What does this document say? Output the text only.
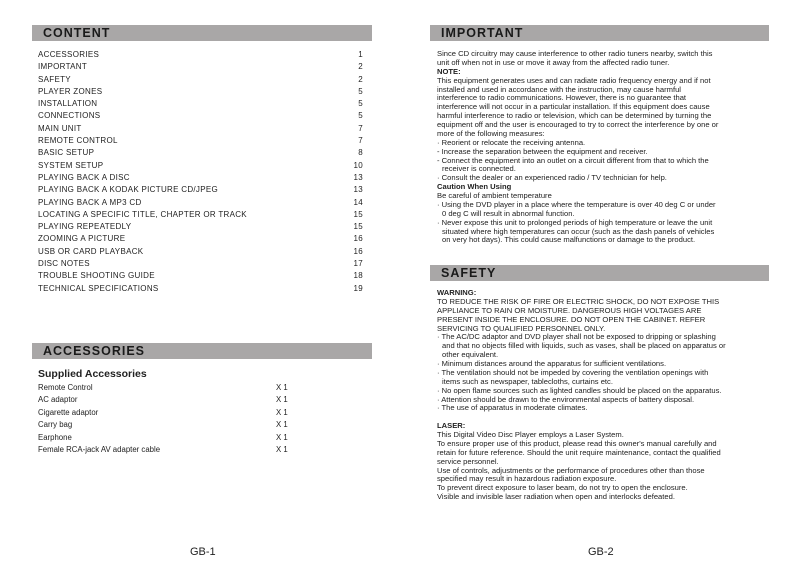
CONTENT
ACCESSORIES	1
IMPORTANT	2
SAFETY	2
PLAYER ZONES	5
INSTALLATION	5
CONNECTIONS	5
MAIN UNIT	7
REMOTE CONTROL	7
BASIC SETUP	8
SYSTEM SETUP	10
PLAYING BACK A DISC	13
PLAYING BACK A KODAK PICTURE CD/JPEG	13
PLAYING BACK A MP3 CD	14
LOCATING A SPECIFIC TITLE, CHAPTER OR TRACK	15
PLAYING REPEATEDLY	15
ZOOMING A PICTURE	16
USB OR CARD PLAYBACK	16
DISC NOTES	17
TROUBLE SHOOTING GUIDE	18
TECHNICAL SPECIFICATIONS	19
ACCESSORIES
Supplied Accessories
Remote Control	X 1
AC adaptor	X 1
Cigarette adaptor	X 1
Carry bag	X 1
Earphone	X 1
Female RCA-jack AV adapter cable	X 1
GB-1
IMPORTANT
Since CD circuitry may cause interference to other radio tuners nearby, switch this
unit off when not in use or move it away from the affected radio tuner.
NOTE:
This equipment generates uses and can radiate radio frequency energy and if not
installed and used in accordance with the instruction, may cause harmful
interference to radio communications. However, there is no guarantee that
interference will not occur in a particular installation. If this equipment does cause
harmful interference to radio or television, which can be determined by turning the
equipment off and the user is encouraged to try to correct the interference by one or
more of the following measures:
· Reorient or relocate the receiving antenna.
- Increase the separation between the equipment and receiver.
- Connect the equipment into an outlet on a circuit different from that to which the
receiver is connected.
· Consult the dealer or an experienced radio / TV technician for help.
Caution When Using
Be careful of ambient temperature
· Using the DVD player in a place where the temperature is over 40 deg C or under
0 deg C will result in abnormal function.
· Never expose this unit to prolonged periods of high temperature or leave the unit
situated where high temperatures can occur (such as the dash panels of vehicles
on very hot days). This could cause malfunctions or damage to the product.
SAFETY
WARNING:
TO REDUCE THE RISK OF FIRE OR ELECTRIC SHOCK, DO NOT EXPOSE THIS
APPLIANCE TO RAIN OR MOISTURE. DANGEROUS HIGH VOLTAGES ARE
PRESENT INSIDE THE ENCLOSURE. DO NOT OPEN THE CABINET. REFER
SERVICING TO QUALIFIED PERSONNEL ONLY.
· The AC/DC adaptor and DVD player shall not be exposed to dripping or splashing
and that no objects filled with liquids, such as vases, shall be placed on apparatus or
other equivalent.
· Minimum distances around the apparatus for sufficient ventilations.
· The ventilation should not be impeded by covering the ventilation openings with
items such as newspaper, tablecloths, curtains etc.
· No open flame sources such as lighted candles should be placed on the apparatus.
· Attention should be drawn to the environmental aspects of battery disposal.
· The use of apparatus in moderate climates.
LASER:
This Digital Video Disc Player employs a Laser System.
To ensure proper use of this product, please read this owner's manual carefully and
retain for future reference. Should the unit require maintenance, contact the qualified
service personnel.
Use of controls, adjustments or the performance of procedures other than those
specified may result in hazardous radiation exposure.
To prevent direct exposure to laser beam, do not try to open the enclosure.
Visible and invisible laser radiation when open and interlocks defeated.
GB-2
